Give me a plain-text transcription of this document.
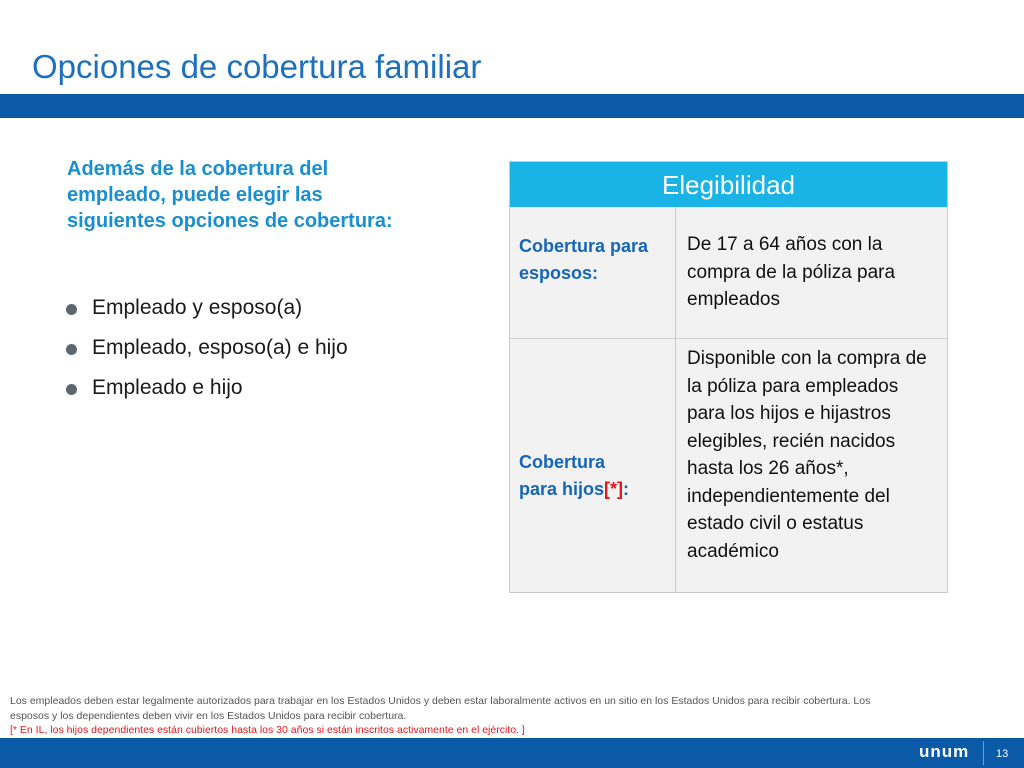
Opciones de cobertura familiar
Además de la cobertura del empleado, puede elegir las siguientes opciones de cobertura:
Empleado y esposo(a)
Empleado, esposo(a) e hijo
Empleado e hijo
Elegibilidad
Cobertura para esposos:
De 17 a 64 años con la compra de la póliza para empleados
Cobertura para hijos[*]:
Disponible con la compra de la póliza para empleados para los hijos e hijastros elegibles, recién nacidos hasta los 26 años*, independientemente del estado civil o estatus académico
Los empleados deben estar legalmente autorizados para trabajar en los Estados Unidos y deben estar laboralmente activos en un sitio en los Estados Unidos para recibir cobertura. Los esposos y los dependientes deben vivir en los Estados Unidos para recibir cobertura.
[* En IL, los hijos dependientes están cubiertos hasta los 30 años si están inscritos activamente en el ejército. ]
unum 13
